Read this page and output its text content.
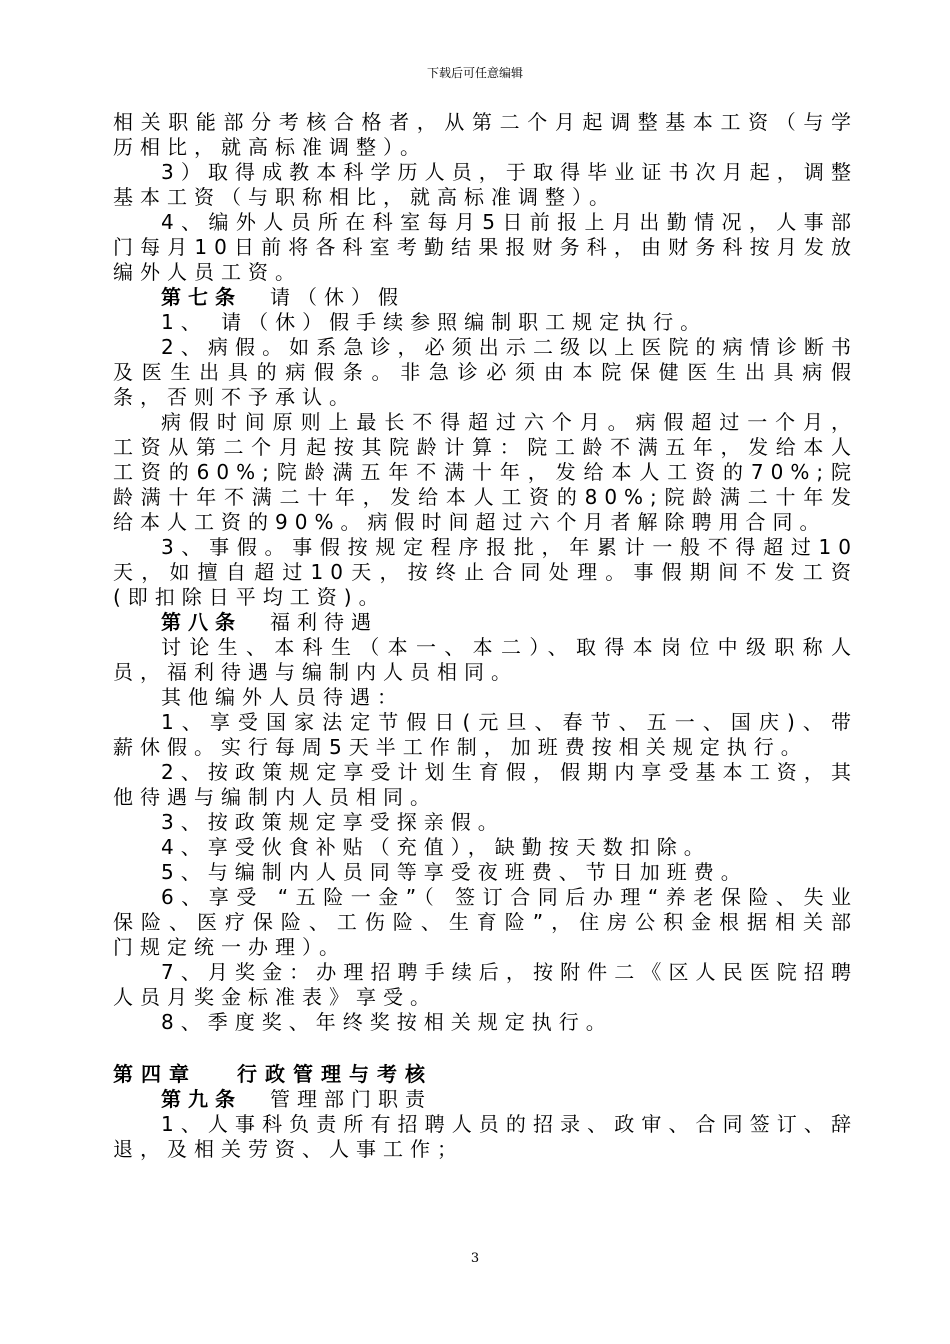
下载后可任意编辑

相关职能部分考核合格者，从第二个月起调整基本工资（与学历相比，就高标准调整）。

3）取得成教本科学历人员，于取得毕业证书次月起，调整基本工资（与职称相比，就高标准调整）。

4、编外人员所在科室每月5日前报上月出勤情况，人事部门每月10日前将各科室考勤结果报财务科，由财务科按月发放编外人员工资。

第七条 请（休）假

1、 请（休）假手续参照编制职工规定执行。

2、病假。如系急诊，必须出示二级以上医院的病情诊断书及医生出具的病假条。非急诊必须由本院保健医生出具病假条，否则不予承认。

病假时间原则上最长不得超过六个月。病假超过一个月，工资从第二个月起按其院龄计算：院工龄不满五年，发给本人工资的60%;院龄满五年不满十年，发给本人工资的70%;院龄满十年不满二十年，发给本人工资的80%;院龄满二十年发给本人工资的90%。病假时间超过六个月者解除聘用合同。

3、事假。事假按规定程序报批，年累计一般不得超过10天，如擅自超过10天，按终止合同处理。事假期间不发工资(即扣除日平均工资)。

第八条 福利待遇

讨论生、本科生（本一、本二）、取得本岗位中级职称人员，福利待遇与编制内人员相同。

其他编外人员待遇：

1、享受国家法定节假日(元旦、春节、五一、国庆)、带薪休假。实行每周5天半工作制，加班费按相关规定执行。

2、按政策规定享受计划生育假，假期内享受基本工资，其他待遇与编制内人员相同。

3、按政策规定享受探亲假。

4、享受伙食补贴（充值），缺勤按天数扣除。

5、与编制内人员同等享受夜班费、节日加班费。

6、享受 “五险一金”（ 签订合同后办理“养老保险、失业保险、医疗保险、工伤险、生育险”，住房公积金根据相关部门规定统一办理）。

7、月奖金：办理招聘手续后，按附件二《区人民医院招聘人员月奖金标准表》享受。

8、季度奖、年终奖按相关规定执行。

第四章 行政管理与考核

第九条 管理部门职责

1、人事科负责所有招聘人员的招录、政审、合同签订、辞退，及相关劳资、人事工作；

3
